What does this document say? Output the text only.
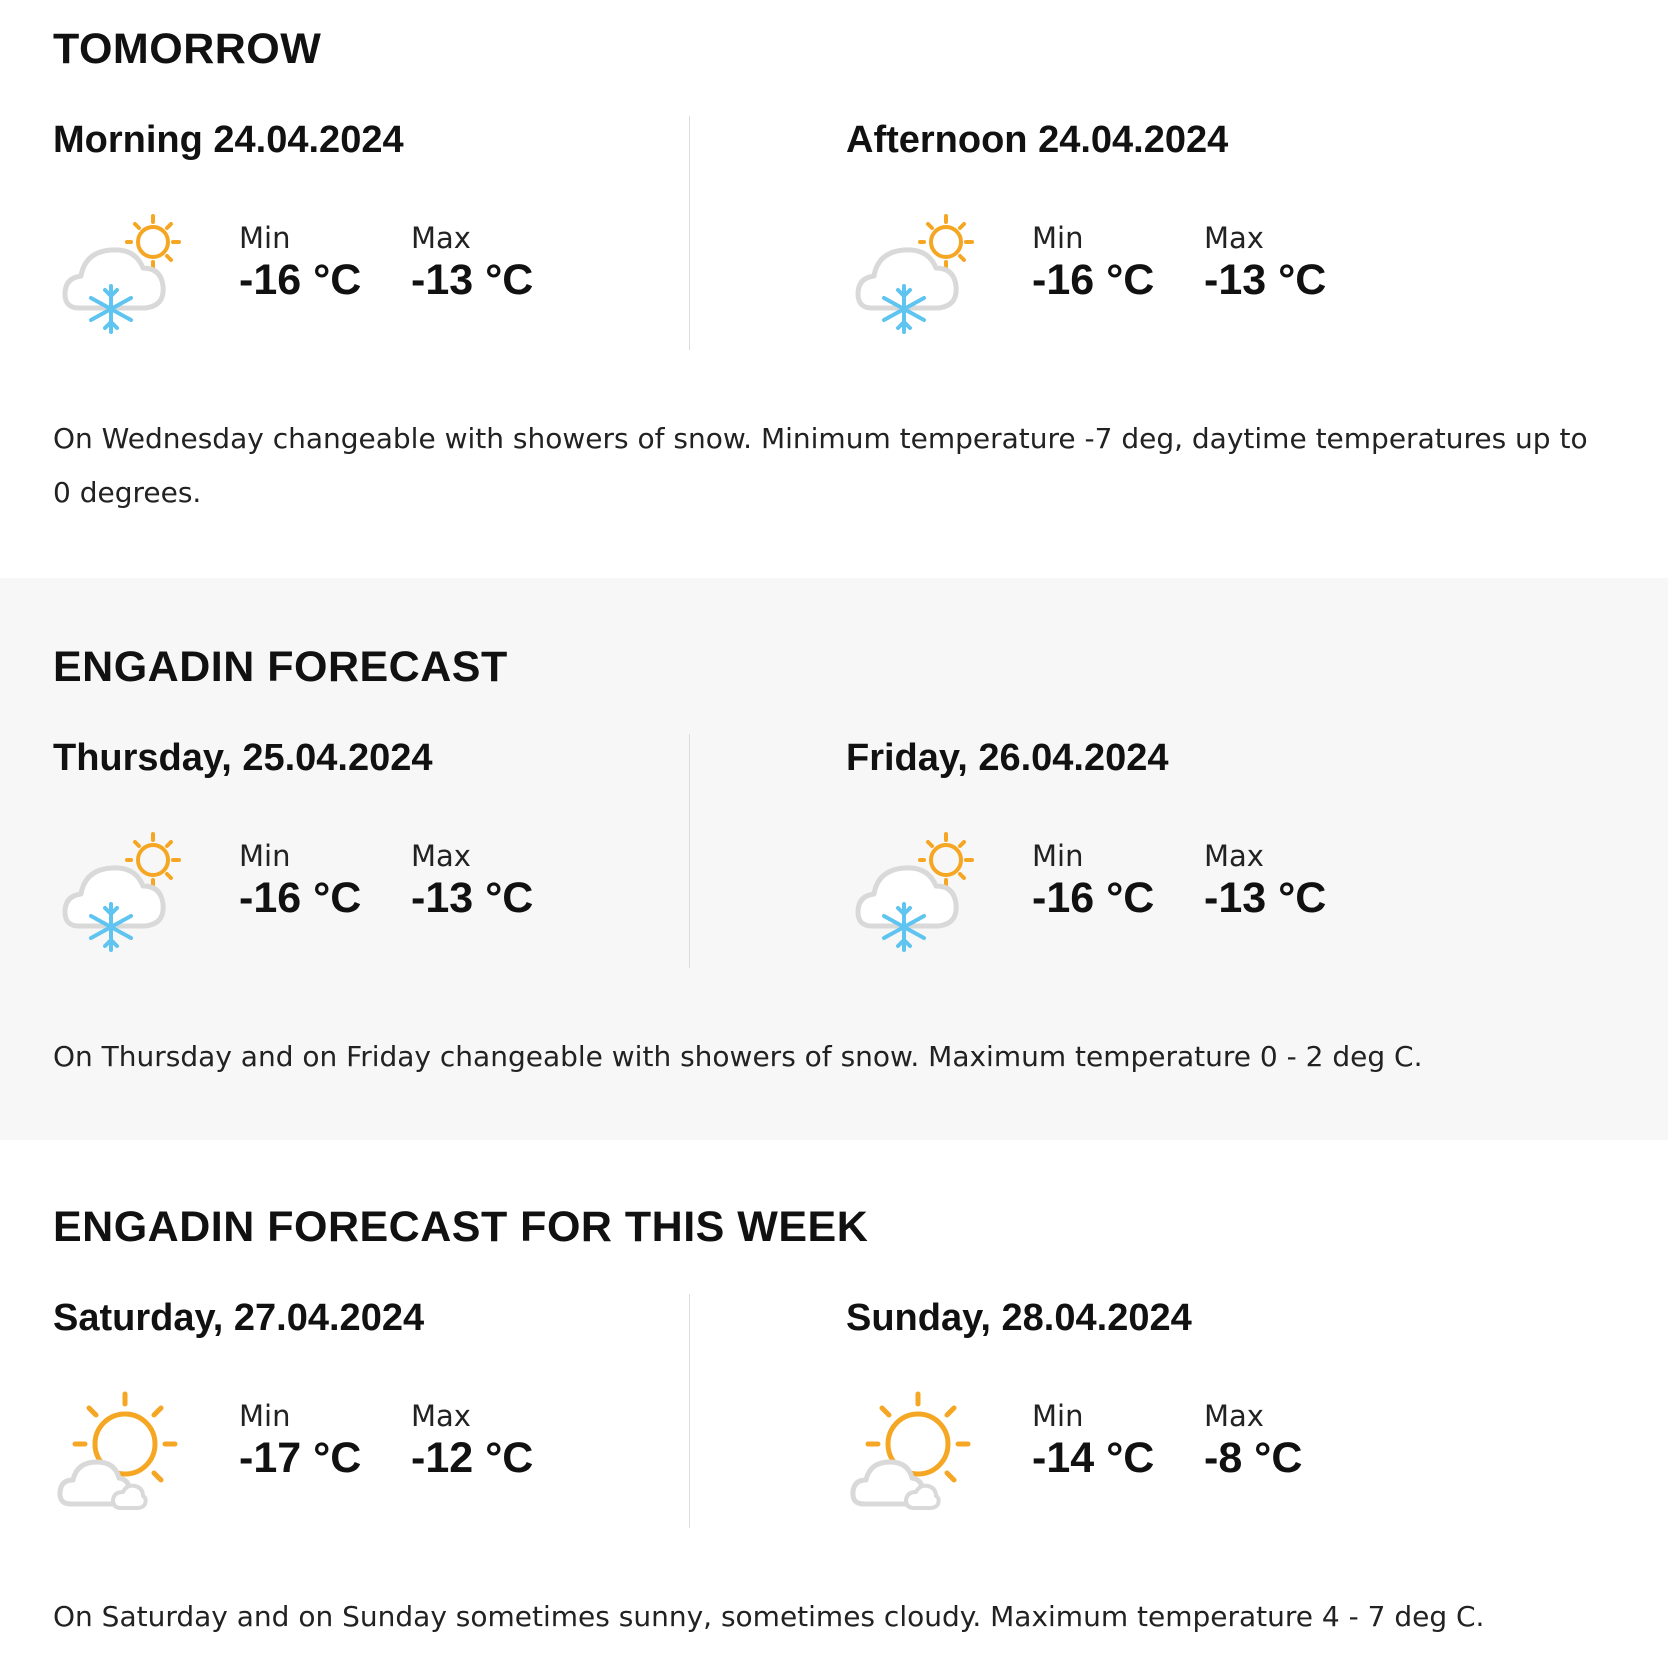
TOMORROW
Morning 24.04.2024
Min
-16 °C
Max
-13 °C
Afternoon 24.04.2024
Min
-16 °C
Max
-13 °C

On Wednesday changeable with showers of snow. Minimum temperature -7 deg, daytime temperatures up to 0 degrees.

ENGADIN FORECAST
Thursday, 25.04.2024
Min
-16 °C
Max
-13 °C
Friday, 26.04.2024
Min
-16 °C
Max
-13 °C

On Thursday and on Friday changeable with showers of snow. Maximum temperature 0 - 2 deg C.

ENGADIN FORECAST FOR THIS WEEK
Saturday, 27.04.2024
Min
-17 °C
Max
-12 °C
Sunday, 28.04.2024
Min
-14 °C
Max
-8 °C

On Saturday and on Sunday sometimes sunny, sometimes cloudy. Maximum temperature 4 - 7 deg C.
